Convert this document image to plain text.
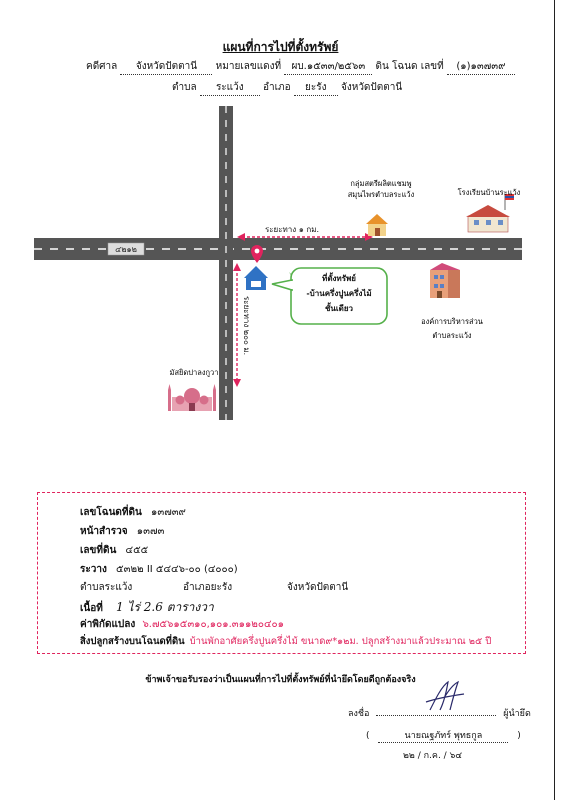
แผนที่การไปที่ตั้งทรัพย์
คดีศาล จังหวัดปัตตานี หมายเลขแดงที่ ผบ.๑๕๓๓/๒๕๖๓ ดิน โฉนด เลขที่ (๑)๑๓๗๓๙
ตำบล ระแว้ง อำเภอ ยะรัง จังหวัดปัตตานี
๔๒๑๒
ระยะทาง ๑ กม.
ระยะทาง ๒๐๐ ม.
ที่ตั้งทรัพย์
-บ้านครึ่งปูนครึ่งไม้
ชั้นเดียว
กลุ่มสตรีผลิตแชมพู
สมุนไพรตำบลระแว้ง	โรงเรียนบ้านระแว้ง
องค์การบริหารส่วน
ตำบลระแว้ง
มัสยิดปาลงกูวา
เลขโฉนดที่ดิน ๑๓๗๓๙
หน้าสำรวจ ๑๓๗๓
เลขที่ดิน ๔๕๕
ระวาง ๕๓๒๒ II ๕๔๔๖-๐๐ (๔๐๐๐)
ตำบลระแว้ง	อำเภอยะรัง	จังหวัดปัตตานี
เนื้อที่ 1 ไร่ 2.6 ตารางวา
ค่าพิกัดแปลง ๖.๗๕๖๑๕๓๑๐,๑๐๑.๓๑๑๒๐๔๐๑
สิ่งปลูกสร้างบนโฉนดที่ดิน บ้านพักอาศัยครึ่งปูนครึ่งไม้ ขนาด๙*๑๒ม. ปลูกสร้างมาแล้วประมาณ ๒๕ ปี
ข้าพเจ้าขอรับรองว่าเป็นแผนที่การไปที่ตั้งทรัพย์ที่นำยึดโดยดีถูกต้องจริง
ลงชื่อ	ผู้นำยึด
(	นายณฐภัทร์ พุทธกูล	)
๒๒ / ก.ค. / ๖๔
